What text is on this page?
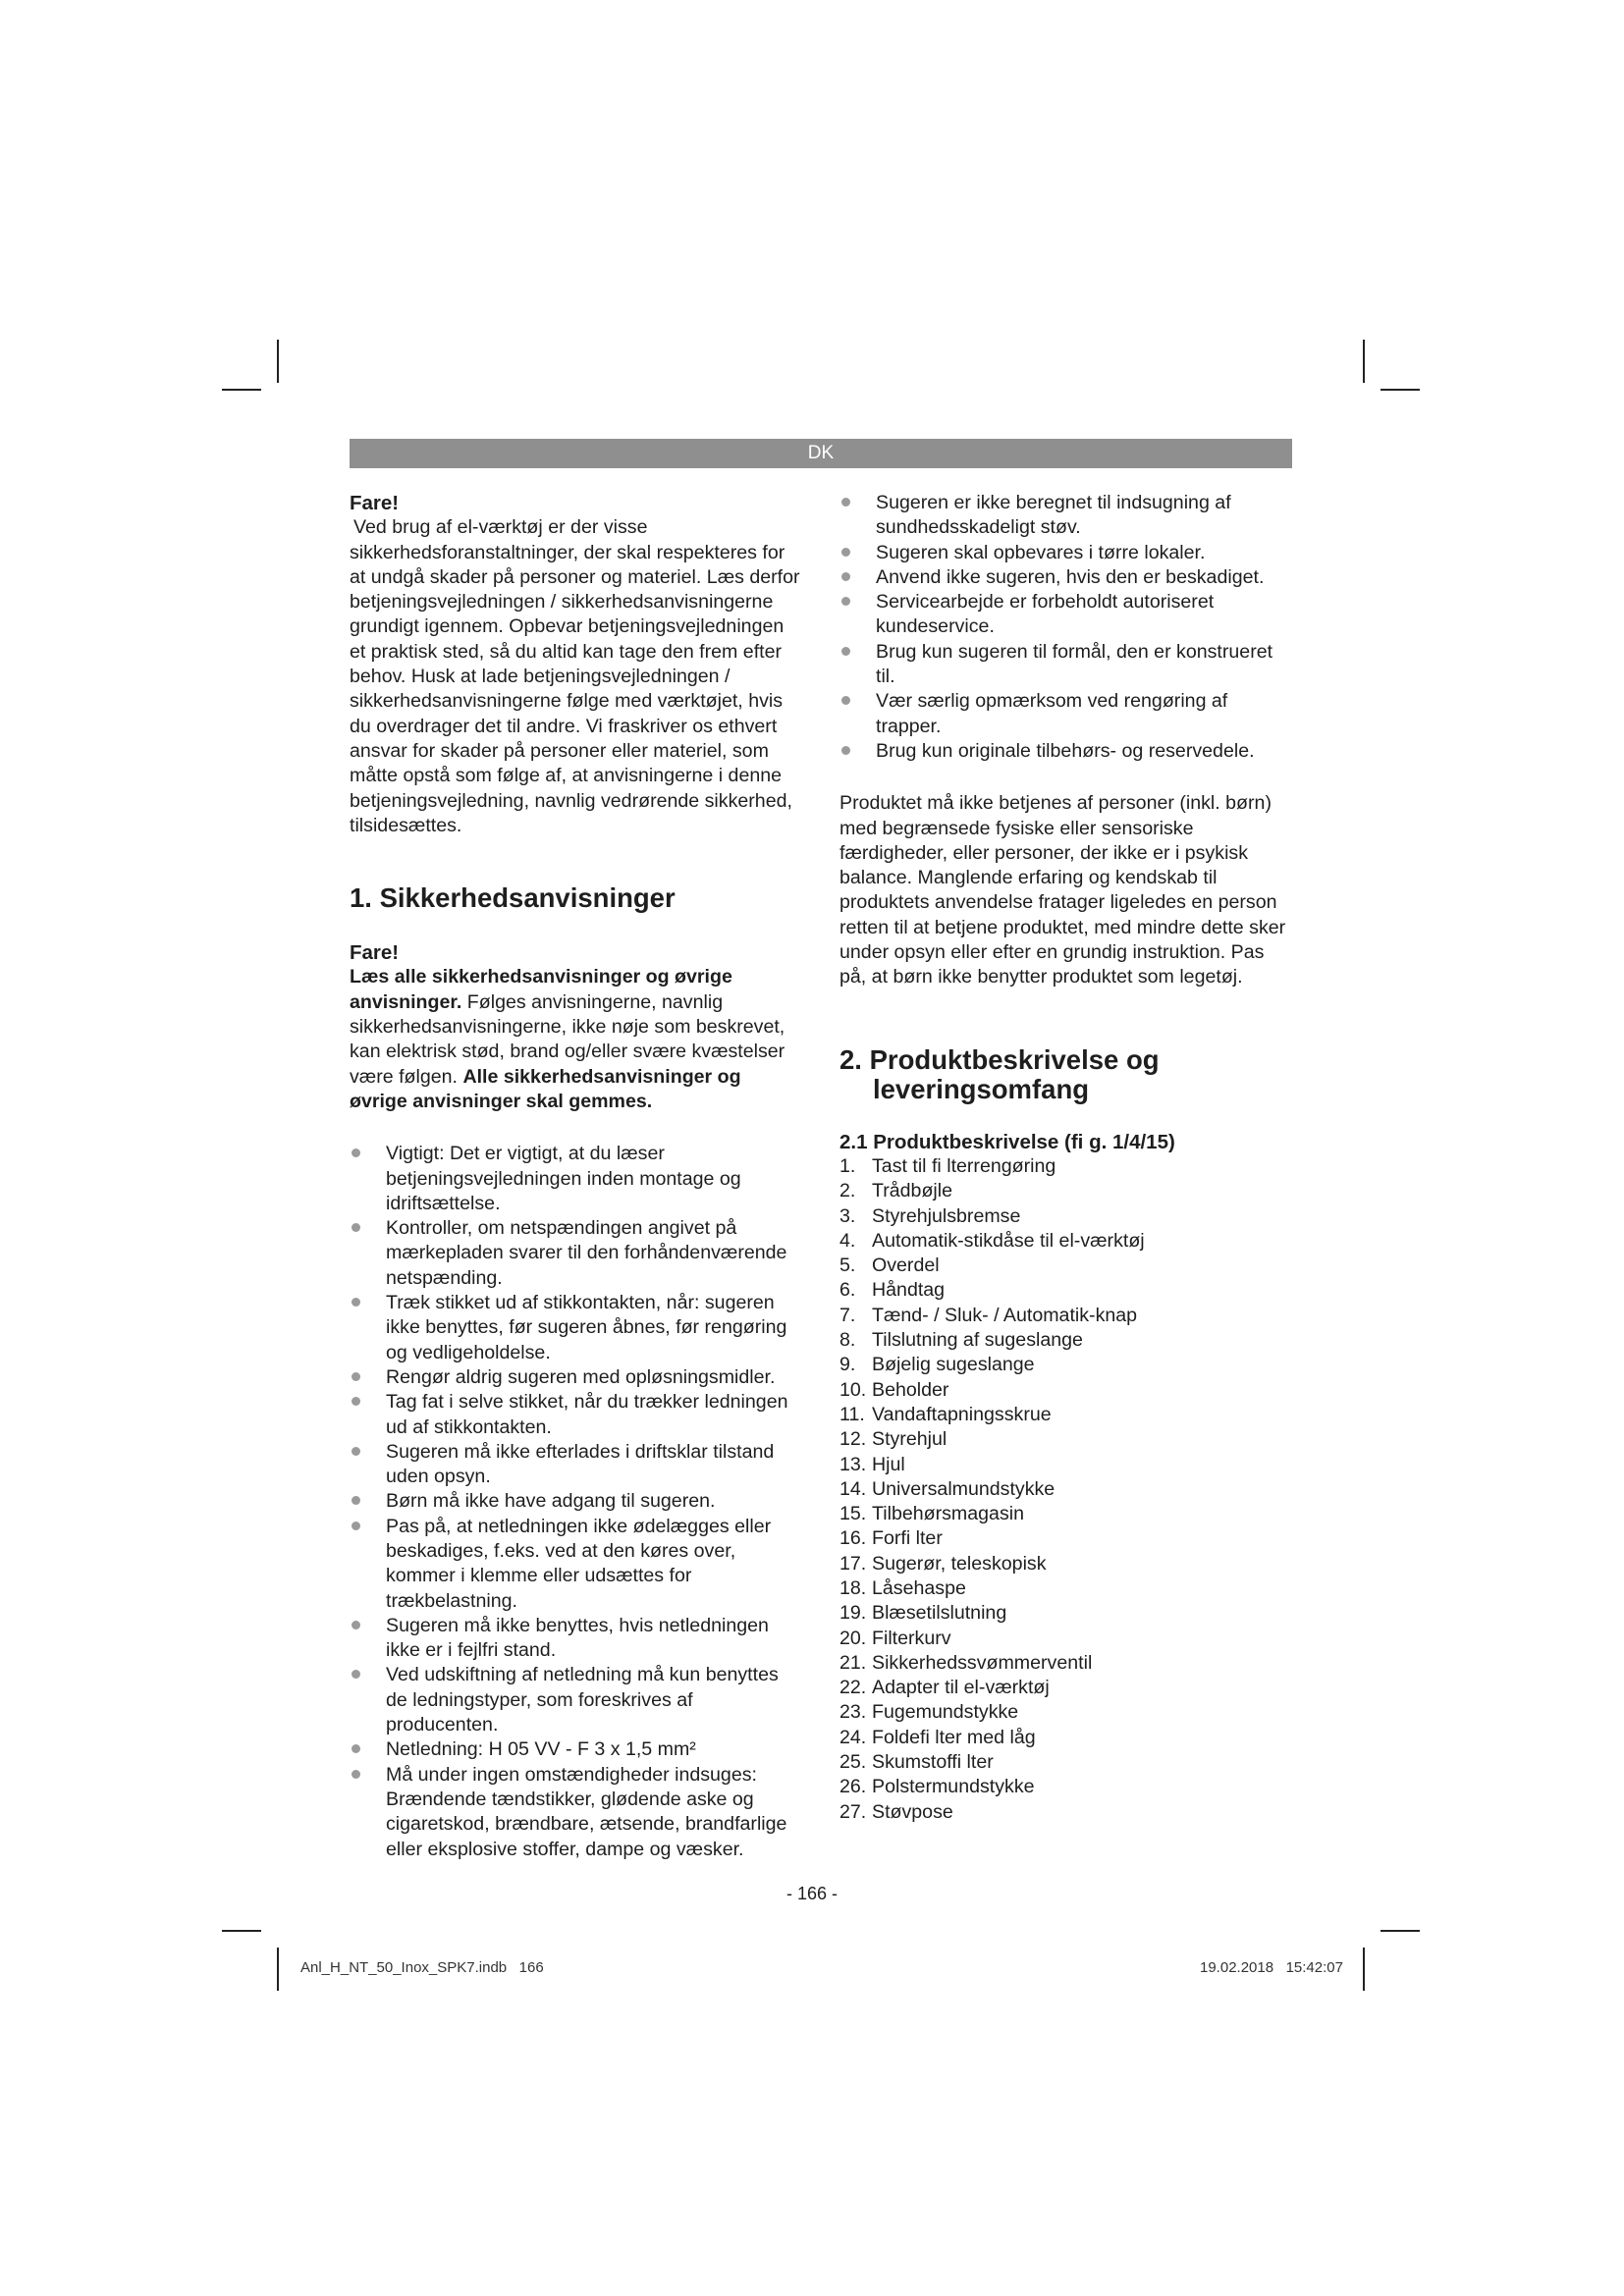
DK

Fare!

Ved brug af el-værktøj er der visse sikkerhedsforanstaltninger, der skal respekteres for at undgå skader på personer og materiel. Læs derfor betjeningsvejledningen / sikkerhedsanvisningerne grundigt igennem. Opbevar betjeningsvejledningen et praktisk sted, så du altid kan tage den frem efter behov. Husk at lade betjeningsvejledningen / sikkerhedsanvisningerne følge med værktøjet, hvis du overdrager det til andre. Vi fraskriver os ethvert ansvar for skader på personer eller materiel, som måtte opstå som følge af, at anvisningerne i denne betjeningsvejledning, navnlig vedrørende sikkerhed, tilsidesættes.

1. Sikkerhedsanvisninger

Fare!

Læs alle sikkerhedsanvisninger og øvrige anvisninger. Følges anvisningerne, navnlig sikkerhedsanvisningerne, ikke nøje som beskrevet, kan elektrisk stød, brand og/eller svære kvæstelser være følgen. Alle sikkerhedsanvisninger og øvrige anvisninger skal gemmes.

Vigtigt: Det er vigtigt, at du læser betjeningsvejledningen inden montage og idriftsættelse.
Kontroller, om netspændingen angivet på mærkepladen svarer til den forhåndenværende netspænding.
Træk stikket ud af stikkontakten, når: sugeren ikke benyttes, før sugeren åbnes, før rengøring og vedligeholdelse.
Rengør aldrig sugeren med opløsningsmidler.
Tag fat i selve stikket, når du trækker ledningen ud af stikkontakten.
Sugeren må ikke efterlades i driftsklar tilstand uden opsyn.
Børn må ikke have adgang til sugeren.
Pas på, at netledningen ikke ødelægges eller beskadiges, f.eks. ved at den køres over, kommer i klemme eller udsættes for trækbelastning.
Sugeren må ikke benyttes, hvis netledningen ikke er i fejlfri stand.
Ved udskiftning af netledning må kun benyttes de ledningstyper, som foreskrives af producenten.
Netledning: H 05 VV - F 3 x 1,5 mm²
Må under ingen omstændigheder indsuges: Brændende tændstikker, glødende aske og cigaretskod, brændbare, ætsende, brandfarlige eller eksplosive stoffer, dampe og væsker.
Sugeren er ikke beregnet til indsugning af sundhedsskadeligt støv.
Sugeren skal opbevares i tørre lokaler.
Anvend ikke sugeren, hvis den er beskadiget.
Servicearbejde er forbeholdt autoriseret kundeservice.
Brug kun sugeren til formål, den er konstrueret til.
Vær særlig opmærksom ved rengøring af trapper.
Brug kun originale tilbehørs- og reservedele.

Produktet må ikke betjenes af personer (inkl. børn) med begrænsede fysiske eller sensoriske færdigheder, eller personer, der ikke er i psykisk balance. Manglende erfaring og kendskab til produktets anvendelse fratager ligeledes en person retten til at betjene produktet, med mindre dette sker under opsyn eller efter en grundig instruktion. Pas på, at børn ikke benytter produktet som legetøj.

2. Produktbeskrivelse og

leveringsomfang

2.1 Produktbeskrivelse (fi g. 1/4/15)

1. Tast til fi lterrengøring
2. Trådbøjle
3. Styrehjulsbremse
4. Automatik-stikdåse til el-værktøj
5. Overdel
6. Håndtag
7. Tænd- / Sluk- / Automatik-knap
8. Tilslutning af sugeslange
9. Bøjelig sugeslange
10. Beholder
11. Vandaftapningsskrue
12. Styrehjul
13. Hjul
14. Universalmundstykke
15. Tilbehørsmagasin
16. Forfi lter
17. Sugerør, teleskopisk
18. Låsehaspe
19. Blæsetilslutning
20. Filterkurv
21. Sikkerhedssvømmerventil
22. Adapter til el-værktøj
23. Fugemundstykke
24. Foldefi lter med låg
25. Skumstoffi lter
26. Polstermundstykke
27. Støvpose
- 166 -
Anl_H_NT_50_Inox_SPK7.indb   166	19.02.2018   15:42:07
